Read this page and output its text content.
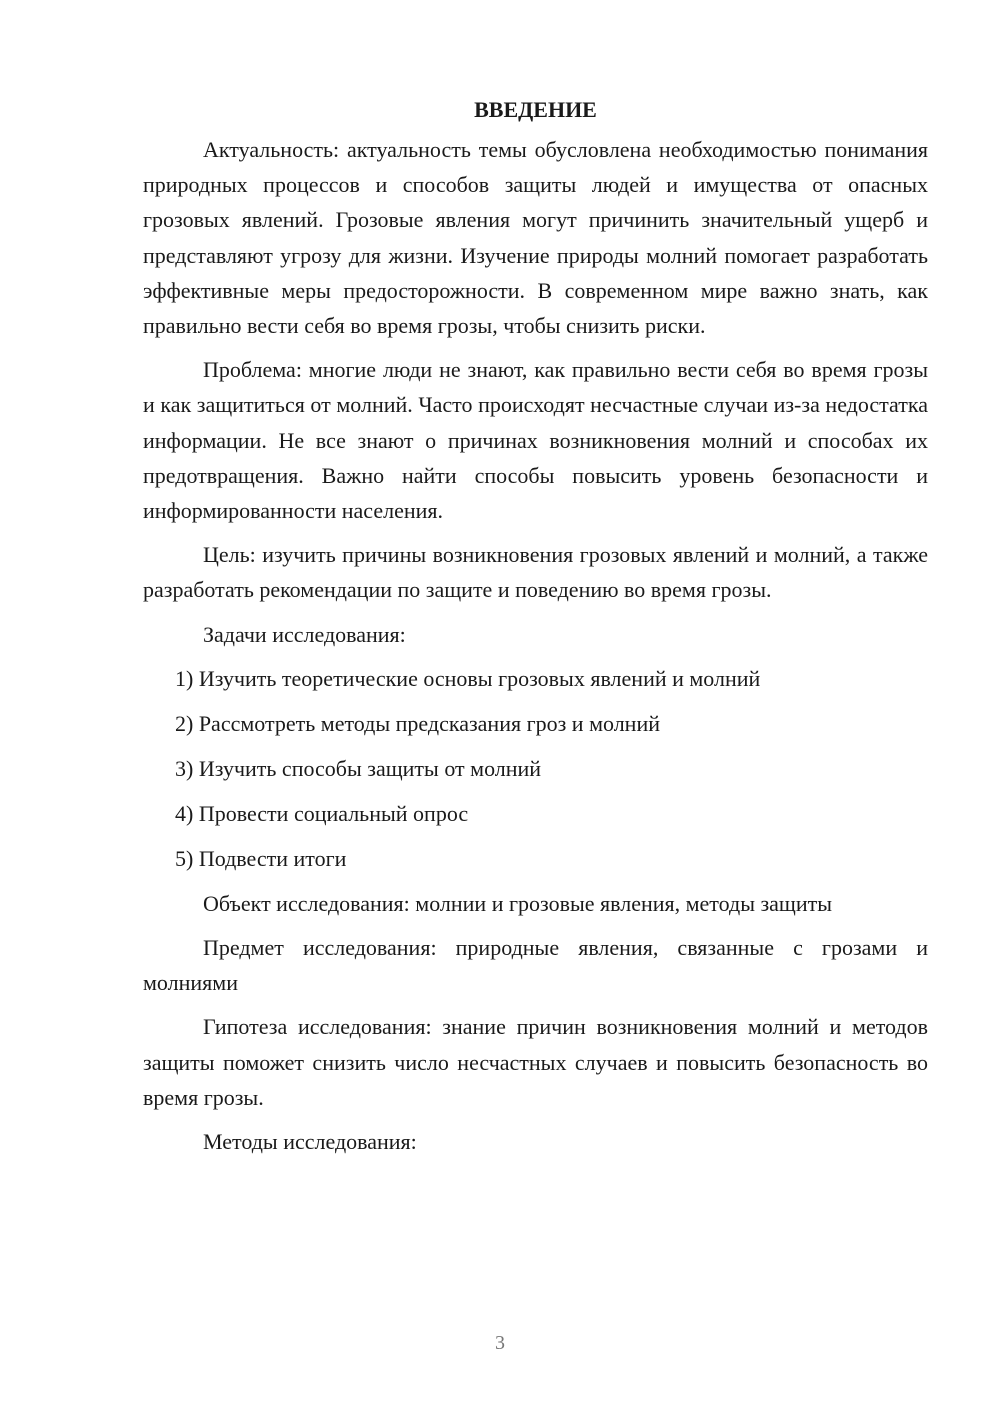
ВВЕДЕНИЕ

Актуальность: актуальность темы обусловлена необходимостью понимания природных процессов и способов защиты людей и имущества от опасных грозовых явлений. Грозовые явления могут причинить значительный ущерб и представляют угрозу для жизни. Изучение природы молний помогает разработать эффективные меры предосторожности. В современном мире важно знать, как правильно вести себя во время грозы, чтобы снизить риски.

Проблема: многие люди не знают, как правильно вести себя во время грозы и как защититься от молний. Часто происходят несчастные случаи из-за недостатка информации. Не все знают о причинах возникновения молний и способах их предотвращения. Важно найти способы повысить уровень безопасности и информированности населения.

Цель: изучить причины возникновения грозовых явлений и молний, а также разработать рекомендации по защите и поведению во время грозы.

Задачи исследования:

1) Изучить теоретические основы грозовых явлений и молний
2) Рассмотреть методы предсказания гроз и молний
3) Изучить способы защиты от молний
4) Провести социальный опрос
5) Подвести итоги

Объект исследования: молнии и грозовые явления, методы защиты

Предмет исследования: природные явления, связанные с грозами и молниями

Гипотеза исследования: знание причин возникновения молний и методов защиты поможет снизить число несчастных случаев и повысить безопасность во время грозы.

Методы исследования:

3
